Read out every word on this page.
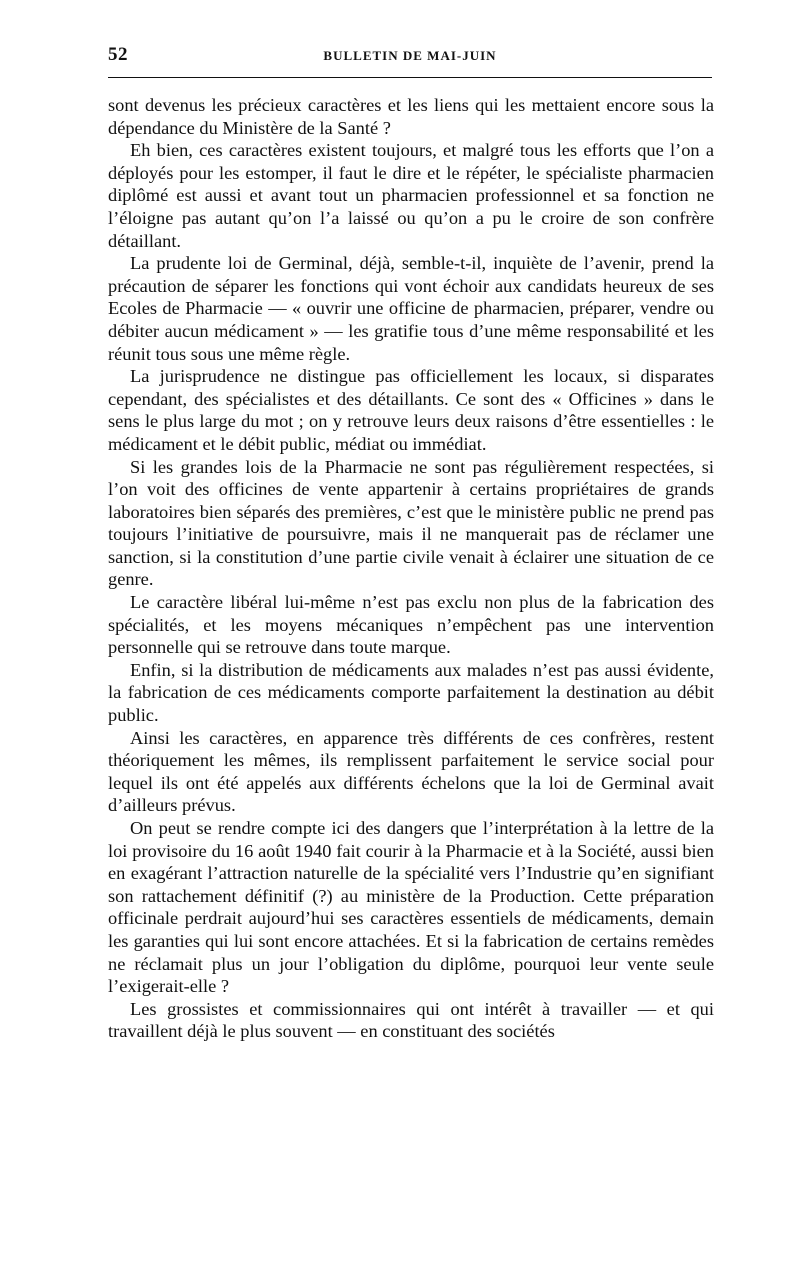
52	BULLETIN DE MAI-JUIN

sont devenus les précieux caractères et les liens qui les mettaient encore sous la dépendance du Ministère de la Santé ?

Eh bien, ces caractères existent toujours, et malgré tous les efforts que l’on a déployés pour les estomper, il faut le dire et le répéter, le spécialiste pharmacien diplômé est aussi et avant tout un pharmacien professionnel et sa fonction ne l’éloigne pas autant qu’on l’a laissé ou qu’on a pu le croire de son confrère détaillant.

La prudente loi de Germinal, déjà, semble-t-il, inquiète de l’avenir, prend la précaution de séparer les fonctions qui vont échoir aux candidats heureux de ses Ecoles de Pharmacie — « ouvrir une officine de pharmacien, préparer, vendre ou débiter aucun médicament » — les gratifie tous d’une même responsabilité et les réunit tous sous une même règle.

La jurisprudence ne distingue pas officiellement les locaux, si disparates cependant, des spécialistes et des détaillants. Ce sont des « Officines » dans le sens le plus large du mot ; on y retrouve leurs deux raisons d’être essentielles : le médicament et le débit public, médiat ou immédiat.

Si les grandes lois de la Pharmacie ne sont pas régulièrement respectées, si l’on voit des officines de vente appartenir à certains propriétaires de grands laboratoires bien séparés des premières, c’est que le ministère public ne prend pas toujours l’initiative de poursuivre, mais il ne manquerait pas de réclamer une sanction, si la constitution d’une partie civile venait à éclairer une situation de ce genre.

Le caractère libéral lui-même n’est pas exclu non plus de la fabrication des spécialités, et les moyens mécaniques n’empêchent pas une intervention personnelle qui se retrouve dans toute marque.

Enfin, si la distribution de médicaments aux malades n’est pas aussi évidente, la fabrication de ces médicaments comporte parfaitement la destination au débit public.

Ainsi les caractères, en apparence très différents de ces confrères, restent théoriquement les mêmes, ils remplissent parfaitement le service social pour lequel ils ont été appelés aux différents échelons que la loi de Germinal avait d’ailleurs prévus.

On peut se rendre compte ici des dangers que l’interprétation à la lettre de la loi provisoire du 16 août 1940 fait courir à la Pharmacie et à la Société, aussi bien en exagérant l’attraction naturelle de la spécialité vers l’Industrie qu’en signifiant son rattachement définitif (?) au ministère de la Production. Cette préparation officinale perdrait aujourd’hui ses caractères essentiels de médicaments, demain les garanties qui lui sont encore attachées. Et si la fabrication de certains remèdes ne réclamait plus un jour l’obligation du diplôme, pourquoi leur vente seule l’exigerait-elle ?

Les grossistes et commissionnaires qui ont intérêt à travailler — et qui travaillent déjà le plus souvent — en constituant des sociétés
